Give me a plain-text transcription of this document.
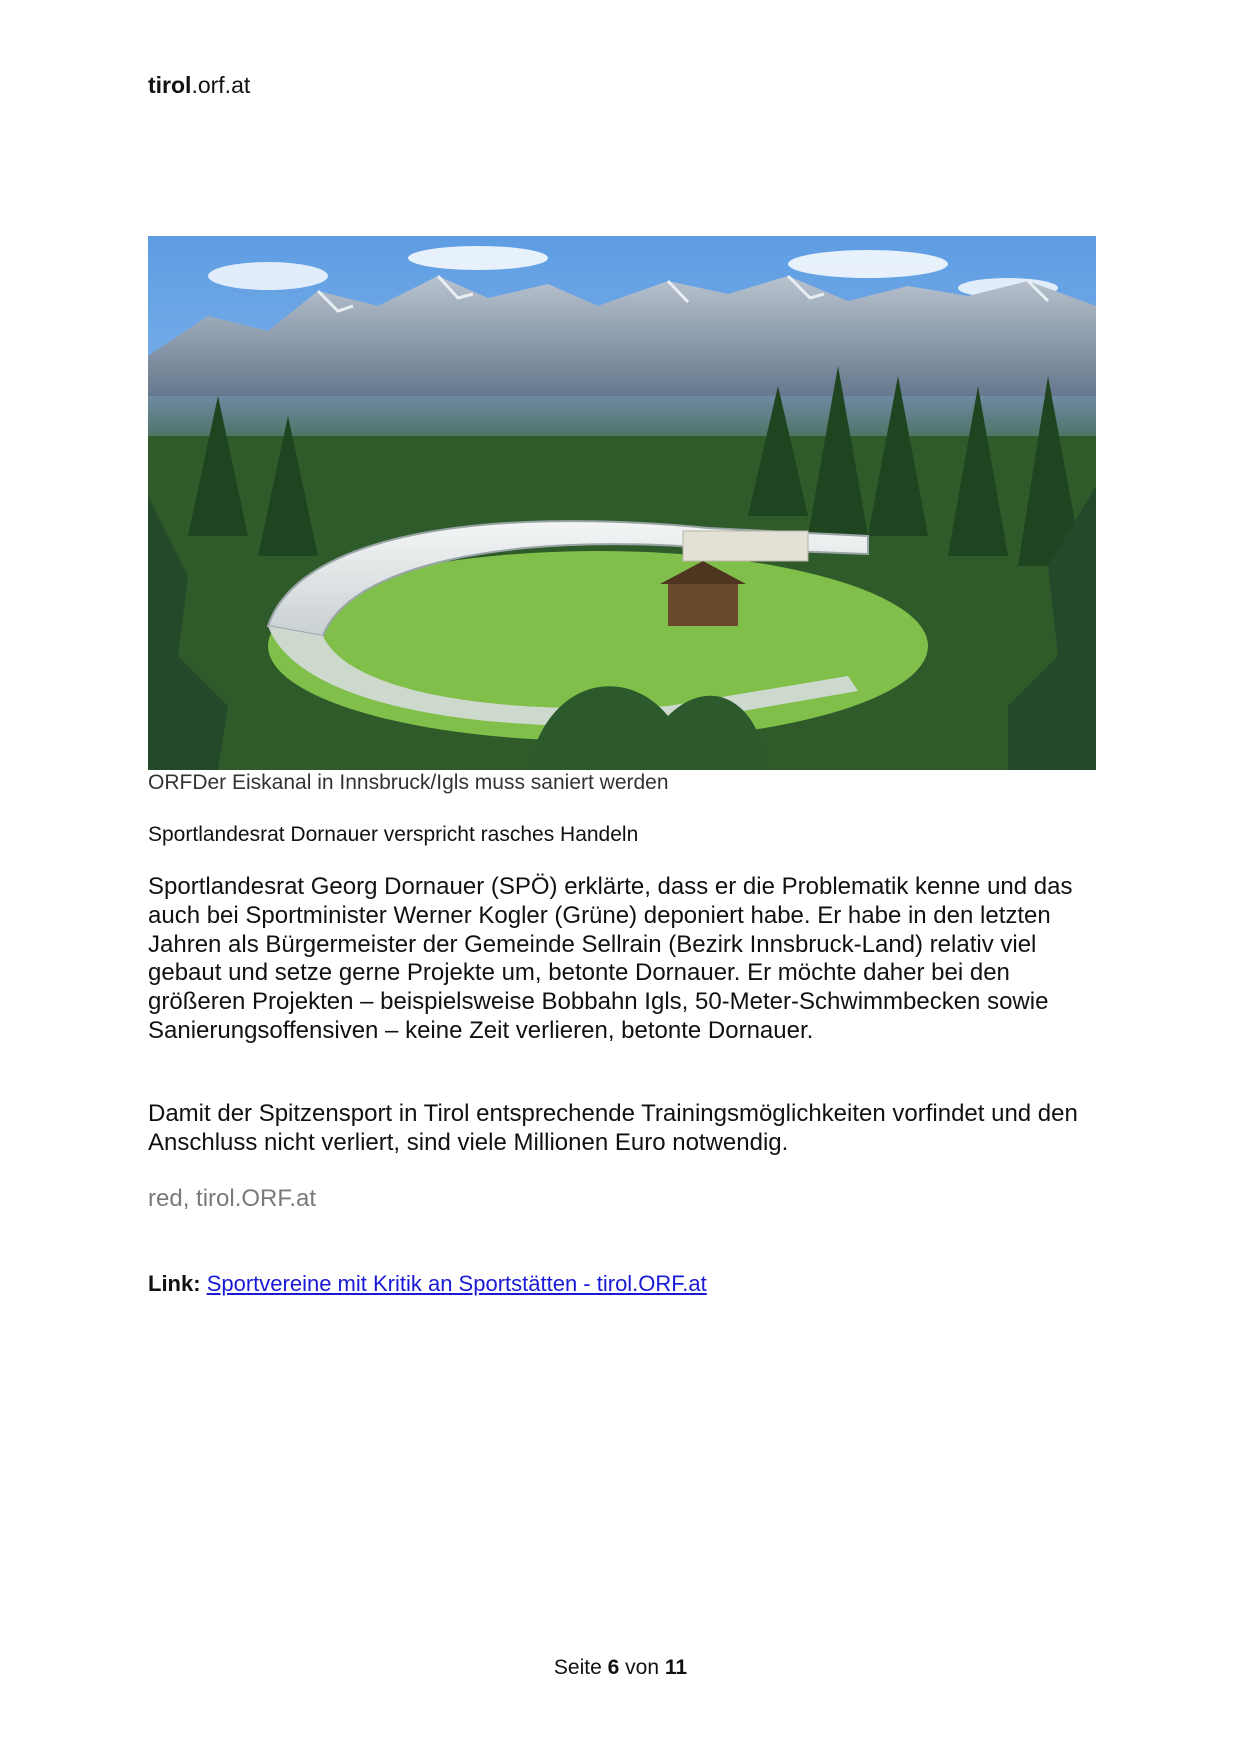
tirol.orf.at
ORFDer Eiskanal in Innsbruck/Igls muss saniert werden
Sportlandesrat Dornauer verspricht rasches Handeln

Sportlandesrat Georg Dornauer (SPÖ) erklärte, dass er die Problematik kenne und das auch bei Sportminister Werner Kogler (Grüne) deponiert habe. Er habe in den letzten Jahren als Bürgermeister der Gemeinde Sellrain (Bezirk Innsbruck-Land) relativ viel gebaut und setze gerne Projekte um, betonte Dornauer. Er möchte daher bei den größeren Projekten – beispielsweise Bobbahn Igls, 50-Meter-Schwimmbecken sowie Sanierungsoffensiven – keine Zeit verlieren, betonte Dornauer.

Damit der Spitzensport in Tirol entsprechende Trainingsmöglichkeiten vorfindet und den Anschluss nicht verliert, sind viele Millionen Euro notwendig.

red, tirol.ORF.at
Link: Sportvereine mit Kritik an Sportstätten - tirol.ORF.at
Seite 6 von 11
